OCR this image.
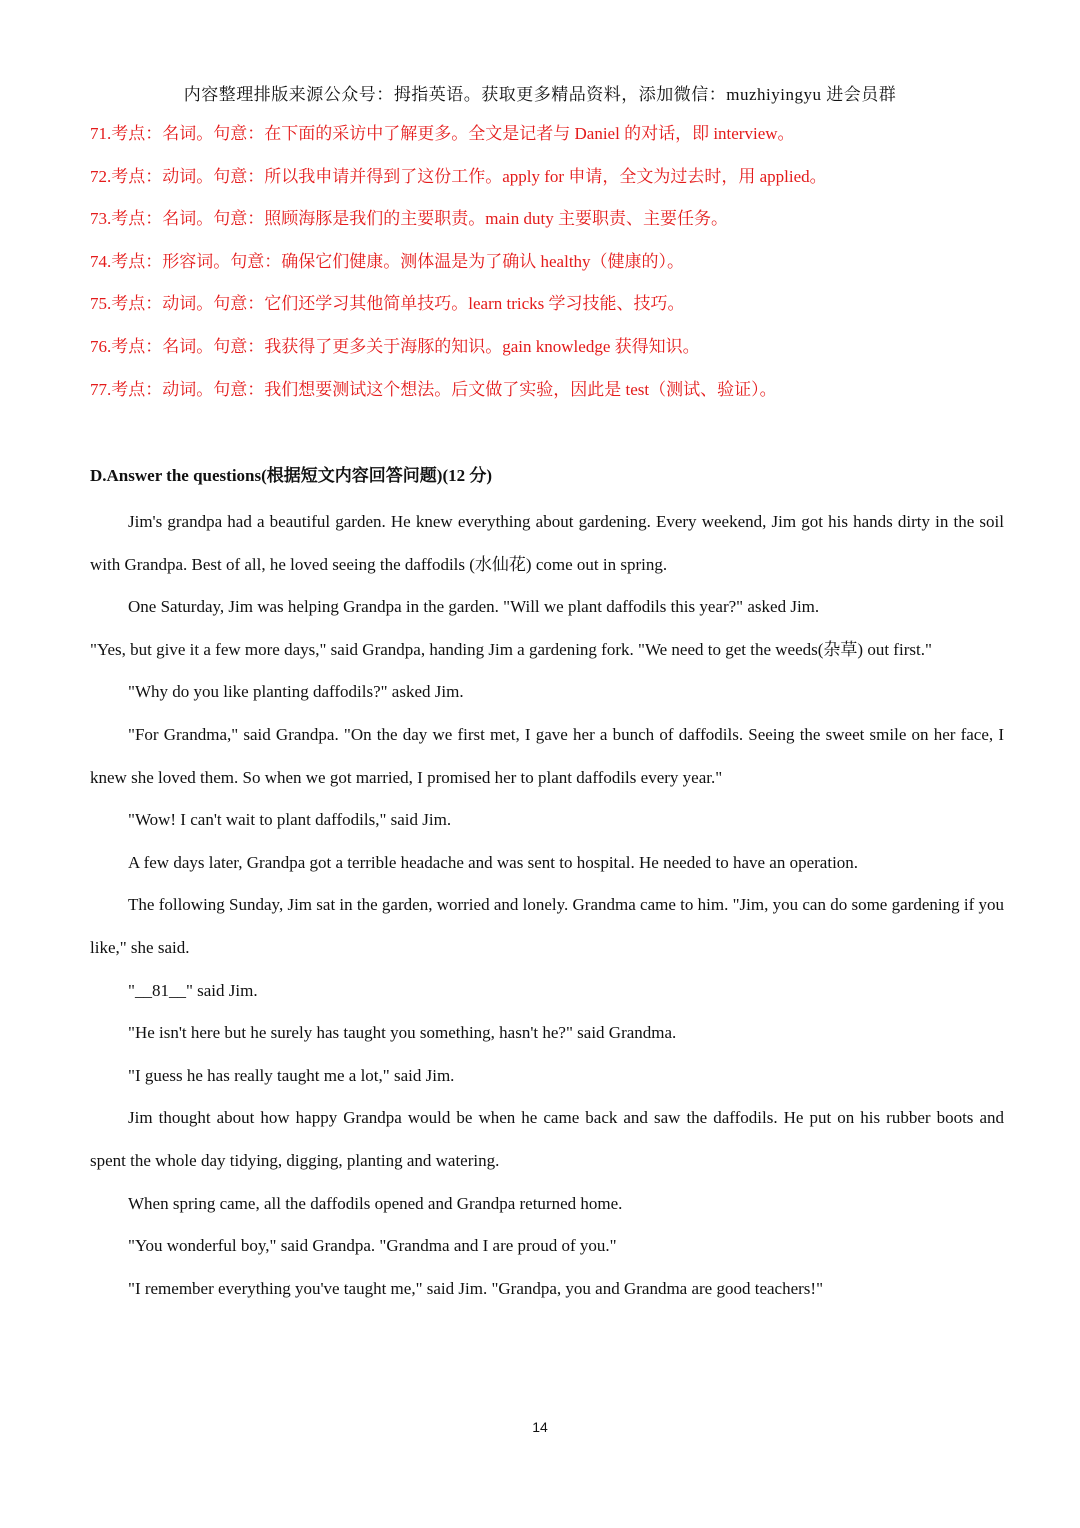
内容整理排版来源公众号：拇指英语。获取更多精品资料，添加微信：muzhiyingyu 进会员群
71.考点：名词。句意：在下面的采访中了解更多。全文是记者与 Daniel 的对话，即 interview。
72.考点：动词。句意：所以我申请并得到了这份工作。apply for 申请，全文为过去时，用 applied。
73.考点：名词。句意：照顾海豚是我们的主要职责。main duty 主要职责、主要任务。
74.考点：形容词。句意：确保它们健康。测体温是为了确认 healthy（健康的）。
75.考点：动词。句意：它们还学习其他简单技巧。learn tricks 学习技能、技巧。
76.考点：名词。句意：我获得了更多关于海豚的知识。gain knowledge 获得知识。
77.考点：动词。句意：我们想要测试这个想法。后文做了实验，因此是 test（测试、验证）。
D.Answer the questions(根据短文内容回答问题)(12 分)

Jim's grandpa had a beautiful garden. He knew everything about gardening. Every weekend, Jim got his hands dirty in the soil with Grandpa. Best of all, he loved seeing the daffodils (水仙花) come out in spring.

One Saturday, Jim was helping Grandpa in the garden. "Will we plant daffodils this year?" asked Jim.

"Yes, but give it a few more days," said Grandpa, handing Jim a gardening fork. "We need to get the weeds(杂草) out first."

"Why do you like planting daffodils?" asked Jim.

"For Grandma," said Grandpa. "On the day we first met, I gave her a bunch of daffodils. Seeing the sweet smile on her face, I knew she loved them. So when we got married, I promised her to plant daffodils every year."

"Wow! I can't wait to plant daffodils," said Jim.

A few days later, Grandpa got a terrible headache and was sent to hospital. He needed to have an operation.

The following Sunday, Jim sat in the garden, worried and lonely. Grandma came to him. "Jim, you can do some gardening if you like," she said.

"__81__" said Jim.

"He isn't here but he surely has taught you something, hasn't he?" said Grandma.

"I guess he has really taught me a lot," said Jim.

Jim thought about how happy Grandpa would be when he came back and saw the daffodils. He put on his rubber boots and spent the whole day tidying, digging, planting and watering.

When spring came, all the daffodils opened and Grandpa returned home.

"You wonderful boy," said Grandpa. "Grandma and I are proud of you."

"I remember everything you've taught me," said Jim. "Grandpa, you and Grandma are good teachers!"

14
